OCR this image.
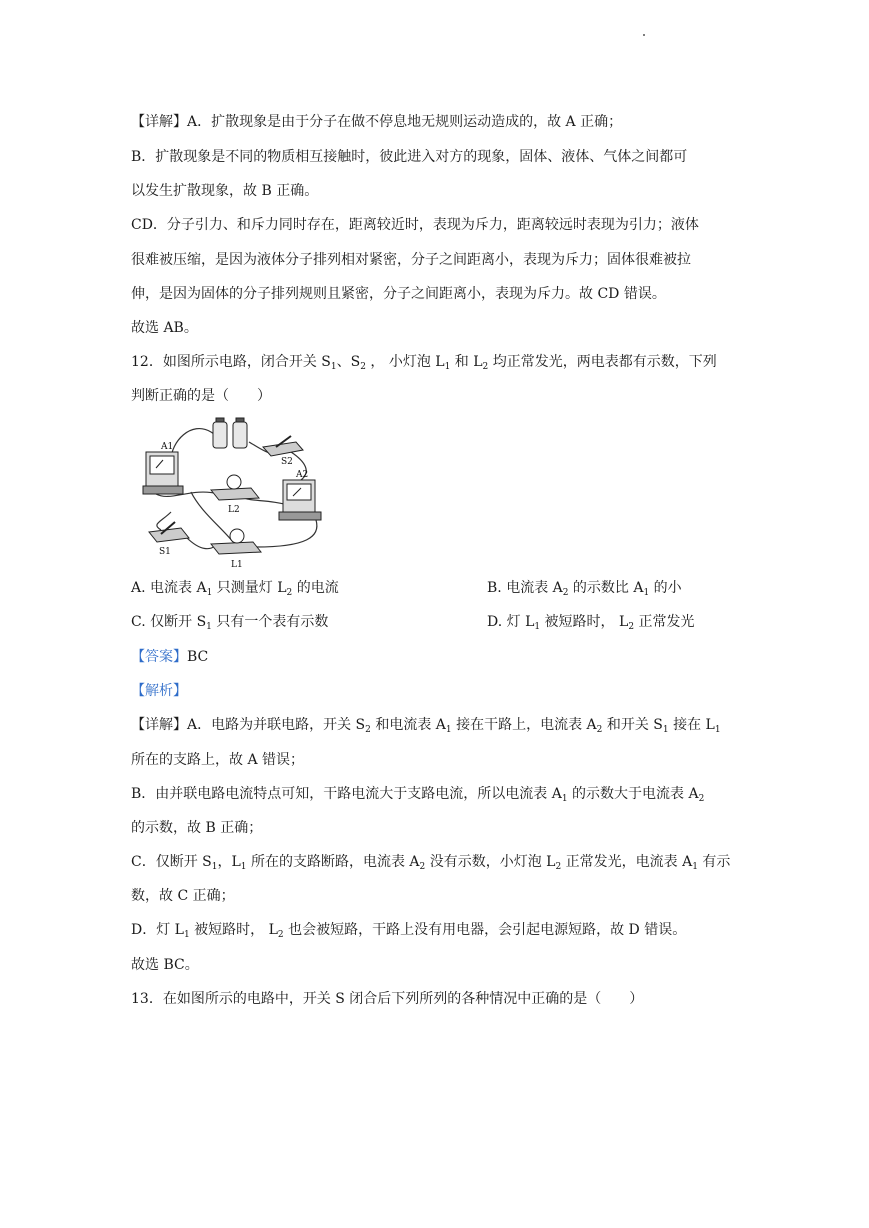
【详解】A．扩散现象是由于分子在做不停息地无规则运动造成的，故 A 正确；
B．扩散现象是不同的物质相互接触时，彼此进入对方的现象，固体、液体、气体之间都可
以发生扩散现象，故 B 正确。
CD．分子引力、和斥力同时存在，距离较近时，表现为斥力，距离较远时表现为引力；液体
很难被压缩，是因为液体分子排列相对紧密，分子之间距离小，表现为斥力；固体很难被拉
伸，是因为固体的分子排列规则且紧密，分子之间距离小，表现为斥力。故 CD 错误。
故选 AB。
12．如图所示电路，闭合开关 $S_1$、$S_2$ ， 小灯泡 $L_1$ 和 $L_2$ 均正常发光，两电表都有示数，下列
判断正确的是（　　）
A1
S2
A2
L2
S1
L1
A. 电流表 $A_1$ 只测量灯 $L_2$ 的电流	B. 电流表 $A_2$ 的示数比 $A_1$ 的小
C. 仅断开 $S_1$ 只有一个表有示数	D. 灯 $L_1$ 被短路时， $L_2$ 正常发光
【答案】BC
【解析】
【详解】A．电路为并联电路，开关 $S_2$ 和电流表 $A_1$ 接在干路上，电流表 $A_2$ 和开关 $S_1$ 接在 $L_1$
所在的支路上，故 A 错误；
B．由并联电路电流特点可知，干路电流大于支路电流，所以电流表 $A_1$ 的示数大于电流表 $A_2$
的示数，故 B 正确；
C．仅断开 $S_1$，$L_1$ 所在的支路断路，电流表 $A_2$ 没有示数，小灯泡 $L_2$ 正常发光，电流表 $A_1$ 有示
数，故 C 正确；
D．灯 $L_1$ 被短路时， $L_2$ 也会被短路，干路上没有用电器，会引起电源短路，故 D 错误。
故选 BC。
13．在如图所示的电路中，开关 S 闭合后下列所列的各种情况中正确的是（　　）
